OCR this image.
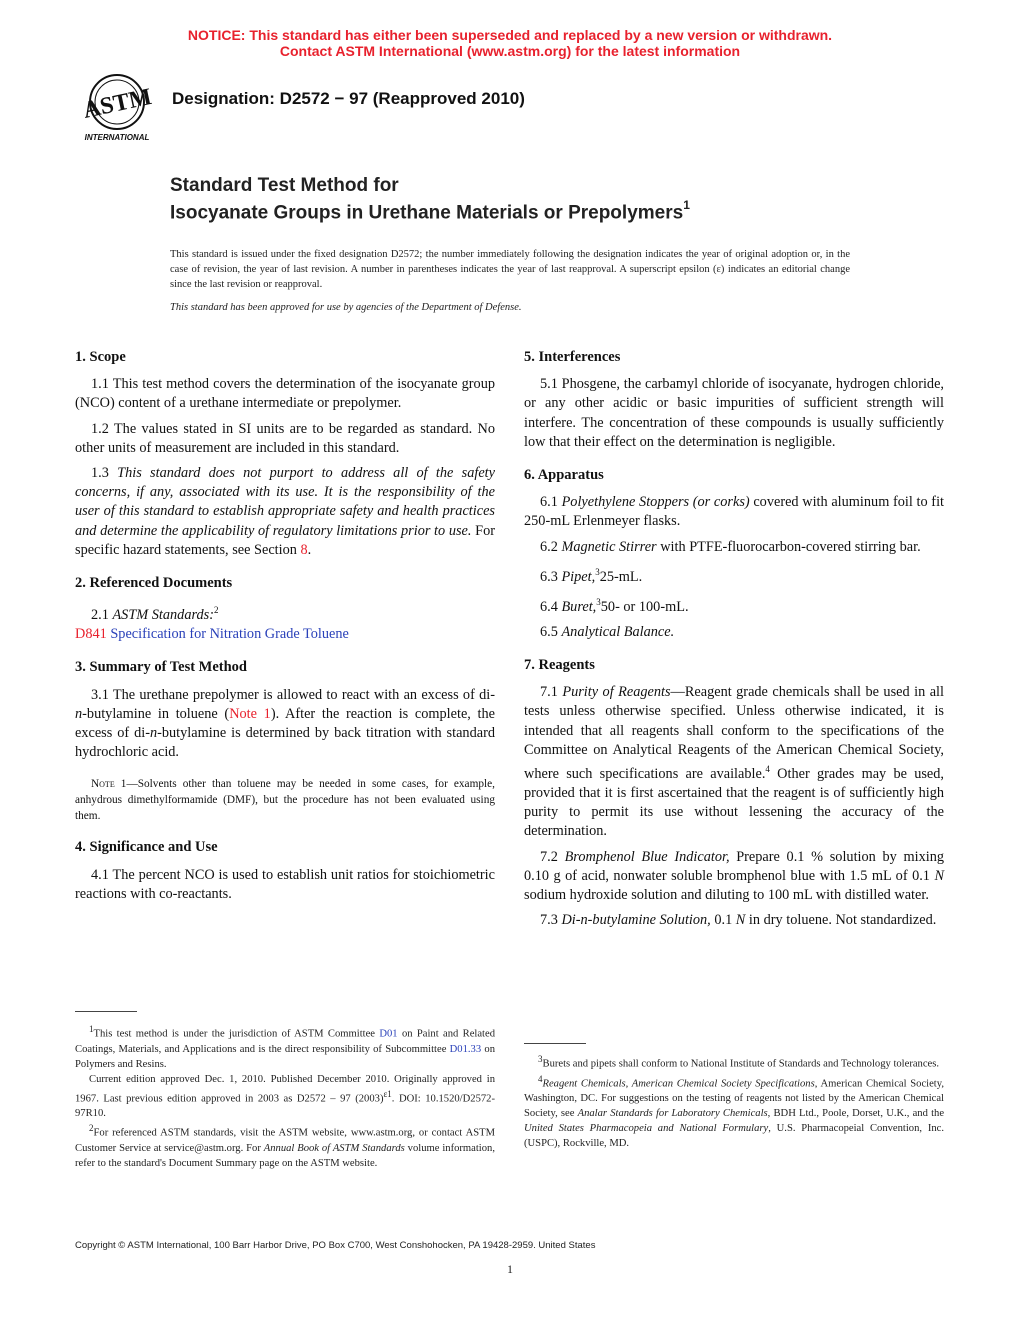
NOTICE: This standard has either been superseded and replaced by a new version or withdrawn.
Contact ASTM International (www.astm.org) for the latest information
ASTM
INTERNATIONAL
Designation: D2572 − 97 (Reapproved 2010)
Standard Test Method for
Isocyanate Groups in Urethane Materials or Prepolymers$^1$
This standard is issued under the fixed designation D2572; the number immediately following the designation indicates the year of original adoption or, in the case of revision, the year of last revision. A number in parentheses indicates the year of last reapproval. A superscript epsilon (ε) indicates an editorial change since the last revision or reapproval.
This standard has been approved for use by agencies of the Department of Defense.
1. Scope

1.1 This test method covers the determination of the isocyanate group (NCO) content of a urethane intermediate or prepolymer.

1.2 The values stated in SI units are to be regarded as standard. No other units of measurement are included in this standard.

1.3 This standard does not purport to address all of the safety concerns, if any, associated with its use. It is the responsibility of the user of this standard to establish appropriate safety and health practices and determine the applicability of regulatory limitations prior to use. For specific hazard statements, see Section 8.

2. Referenced Documents

2.1 ASTM Standards:$^2$

D841 Specification for Nitration Grade Toluene

3. Summary of Test Method

3.1 The urethane prepolymer is allowed to react with an excess of di-n-butylamine in toluene (Note 1). After the reaction is complete, the excess of di-n-butylamine is determined by back titration with standard hydrochloric acid.

Note 1—Solvents other than toluene may be needed in some cases, for example, anhydrous dimethylformamide (DMF), but the procedure has not been evaluated using them.

4. Significance and Use

4.1 The percent NCO is used to establish unit ratios for stoichiometric reactions with co-reactants.

5. Interferences

5.1 Phosgene, the carbamyl chloride of isocyanate, hydrogen chloride, or any other acidic or basic impurities of sufficient strength will interfere. The concentration of these compounds is usually sufficiently low that their effect on the determination is negligible.

6. Apparatus

6.1 Polyethylene Stoppers (or corks) covered with aluminum foil to fit 250-mL Erlenmeyer flasks.

6.2 Magnetic Stirrer with PTFE-fluorocarbon-covered stirring bar.

6.3 Pipet,$^3$25-mL.

6.4 Buret,$^3$50- or 100-mL.

6.5 Analytical Balance.

7. Reagents

7.1 Purity of Reagents—Reagent grade chemicals shall be used in all tests unless otherwise specified. Unless otherwise indicated, it is intended that all reagents shall conform to the specifications of the Committee on Analytical Reagents of the American Chemical Society, where such specifications are available.$^4$ Other grades may be used, provided that it is first ascertained that the reagent is of sufficiently high purity to permit its use without lessening the accuracy of the determination.

7.2 Bromphenol Blue Indicator, Prepare 0.1 % solution by mixing 0.10 g of acid, nonwater soluble bromphenol blue with 1.5 mL of 0.1 N sodium hydroxide solution and diluting to 100 mL with distilled water.

7.3 Di-n-butylamine Solution, 0.1 N in dry toluene. Not standardized.

$^1$This test method is under the jurisdiction of ASTM Committee D01 on Paint and Related Coatings, Materials, and Applications and is the direct responsibility of Subcommittee D01.33 on Polymers and Resins.

Current edition approved Dec. 1, 2010. Published December 2010. Originally approved in 1967. Last previous edition approved in 2003 as D2572 – 97 $(2003)^{\varepsilon 1}$. DOI: 10.1520/D2572-97R10.

$^2$For referenced ASTM standards, visit the ASTM website, www.astm.org, or contact ASTM Customer Service at service@astm.org. For Annual Book of ASTM Standards volume information, refer to the standard's Document Summary page on the ASTM website.

$^3$Burets and pipets shall conform to National Institute of Standards and Technology tolerances.

$^4$Reagent Chemicals, American Chemical Society Specifications, American Chemical Society, Washington, DC. For suggestions on the testing of reagents not listed by the American Chemical Society, see Analar Standards for Laboratory Chemicals, BDH Ltd., Poole, Dorset, U.K., and the United States Pharmacopeia and National Formulary, U.S. Pharmacopeial Convention, Inc. (USPC), Rockville, MD.

Copyright © ASTM International, 100 Barr Harbor Drive, PO Box C700, West Conshohocken, PA 19428-2959. United States
1
